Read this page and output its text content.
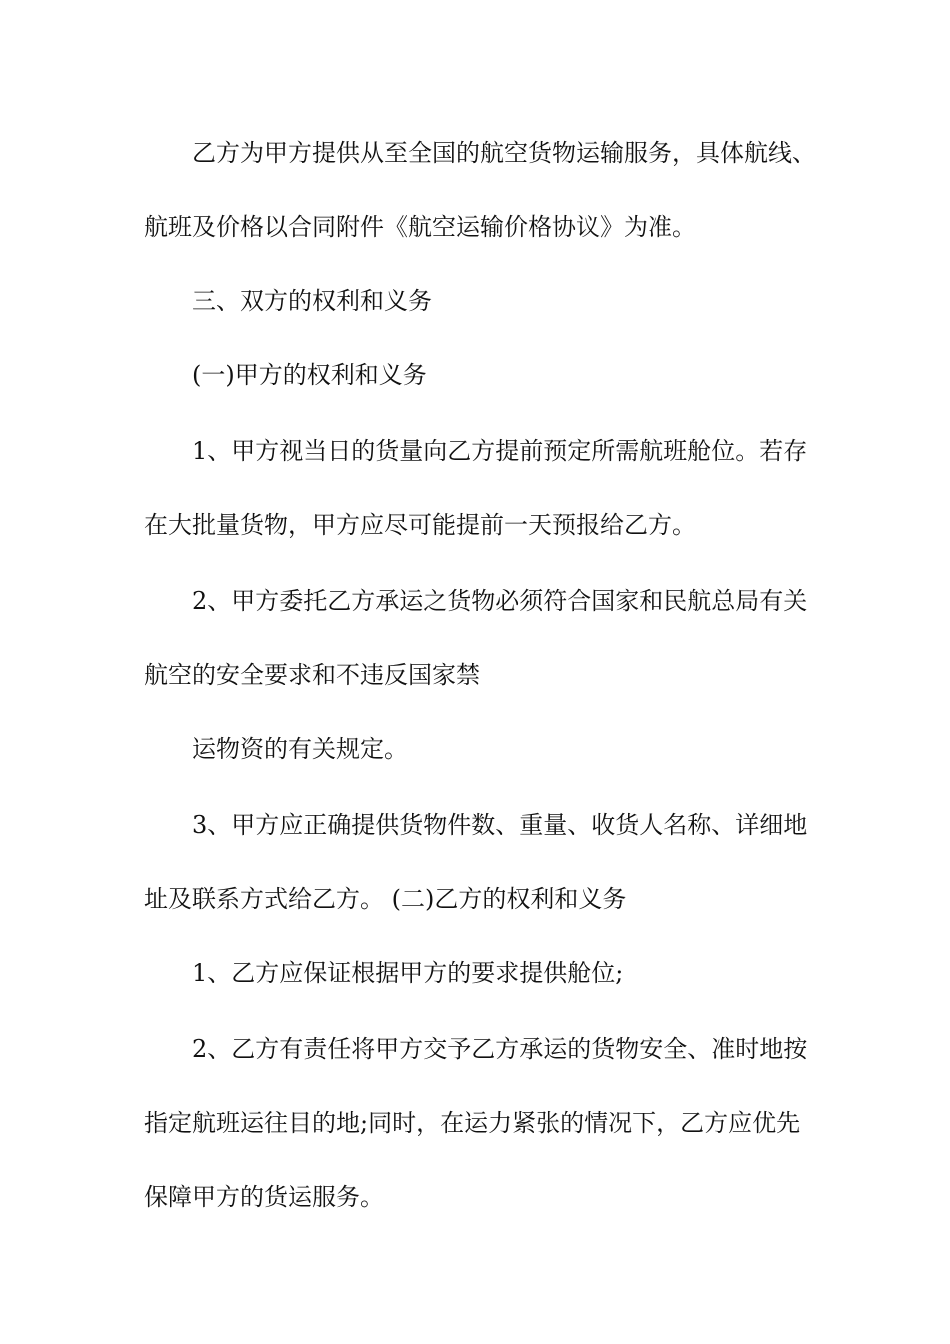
乙方为甲方提供从至全国的航空货物运输服务，具体航线、
航班及价格以合同附件《航空运输价格协议》为准。
三、双方的权利和义务
(一)甲方的权利和义务
1、甲方视当日的货量向乙方提前预定所需航班舱位。若存
在大批量货物，甲方应尽可能提前一天预报给乙方。
2、甲方委托乙方承运之货物必须符合国家和民航总局有关
航空的安全要求和不违反国家禁
运物资的有关规定。
3、甲方应正确提供货物件数、重量、收货人名称、详细地
址及联系方式给乙方。 (二)乙方的权利和义务
1、乙方应保证根据甲方的要求提供舱位;
2、乙方有责任将甲方交予乙方承运的货物安全、准时地按
指定航班运往目的地;同时，在运力紧张的情况下，乙方应优先
保障甲方的货运服务。
